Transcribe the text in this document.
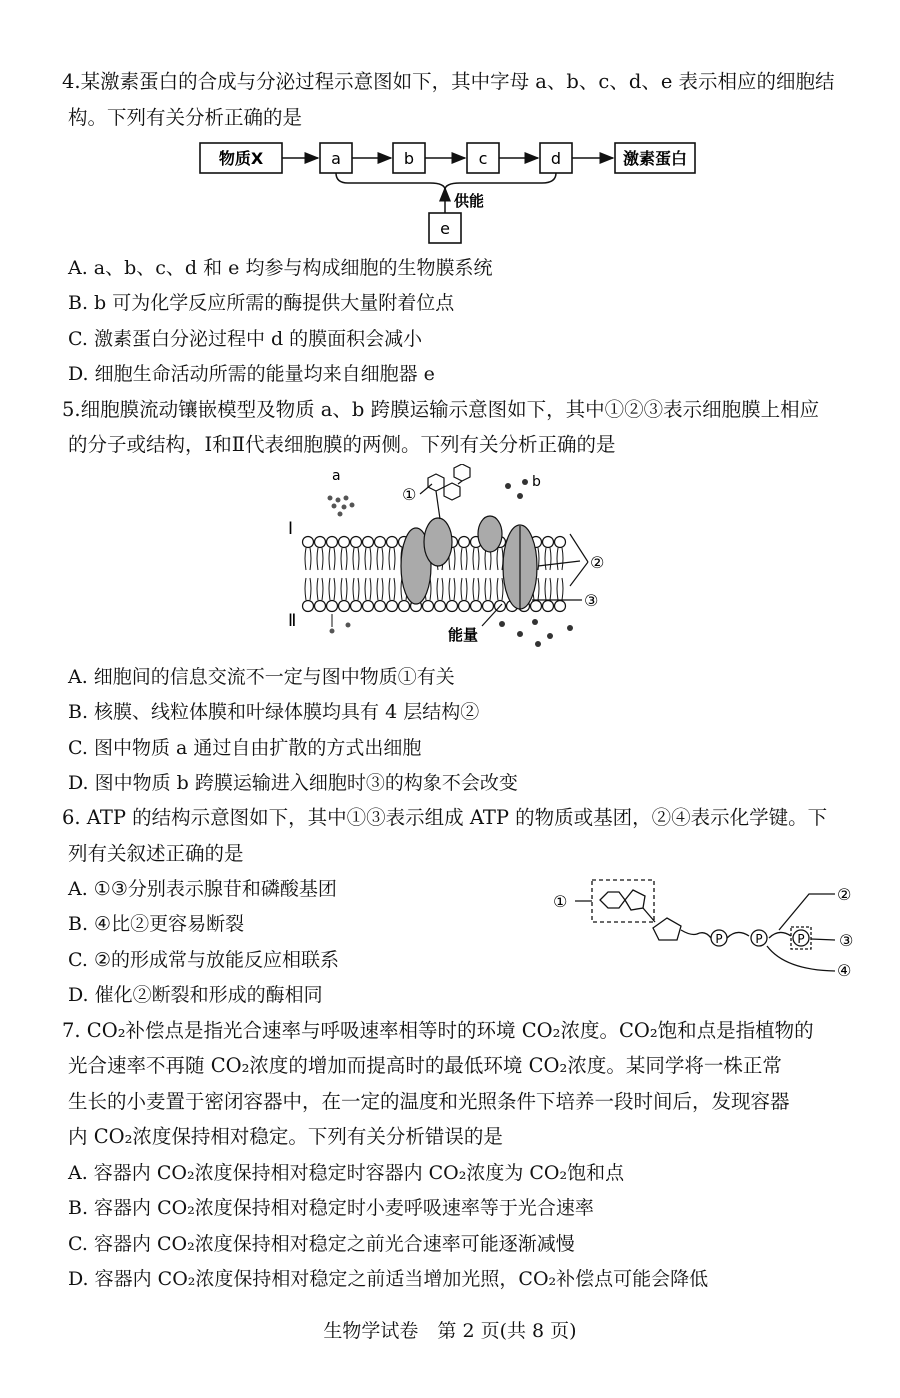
4.某激素蛋白的合成与分泌过程示意图如下，其中字母 a、b、c、d、e 表示相应的细胞结
构。下列有关分析正确的是
物质X	a	b	c	d	激素蛋白
供能
e
A. a、b、c、d 和 e 均参与构成细胞的生物膜系统
B. b 可为化学反应所需的酶提供大量附着位点
C. 激素蛋白分泌过程中 d 的膜面积会减小
D. 细胞生命活动所需的能量均来自细胞器 e
5.细胞膜流动镶嵌模型及物质 a、b 跨膜运输示意图如下，其中①②③表示细胞膜上相应
的分子或结构，Ⅰ和Ⅱ代表细胞膜的两侧。下列有关分析正确的是
a	b
①
②
③
Ⅰ
Ⅱ
能量
A. 细胞间的信息交流不一定与图中物质①有关
B. 核膜、线粒体膜和叶绿体膜均具有 4 层结构②
C. 图中物质 a 通过自由扩散的方式出细胞
D. 图中物质 b 跨膜运输进入细胞时③的构象不会改变
6. ATP 的结构示意图如下，其中①③表示组成 ATP 的物质或基团，②④表示化学键。下
列有关叙述正确的是
A. ①③分别表示腺苷和磷酸基团
B. ④比②更容易断裂
C. ②的形成常与放能反应相联系
D. 催化②断裂和形成的酶相同
①	②
③
④
P	P	P
7. CO₂补偿点是指光合速率与呼吸速率相等时的环境 CO₂浓度。CO₂饱和点是指植物的
光合速率不再随 CO₂浓度的增加而提高时的最低环境 CO₂浓度。某同学将一株正常
生长的小麦置于密闭容器中，在一定的温度和光照条件下培养一段时间后，发现容器
内 CO₂浓度保持相对稳定。下列有关分析错误的是
A. 容器内 CO₂浓度保持相对稳定时容器内 CO₂浓度为 CO₂饱和点
B. 容器内 CO₂浓度保持相对稳定时小麦呼吸速率等于光合速率
C. 容器内 CO₂浓度保持相对稳定之前光合速率可能逐渐减慢
D. 容器内 CO₂浓度保持相对稳定之前适当增加光照，CO₂补偿点可能会降低
生物学试卷　第 2 页(共 8 页)
